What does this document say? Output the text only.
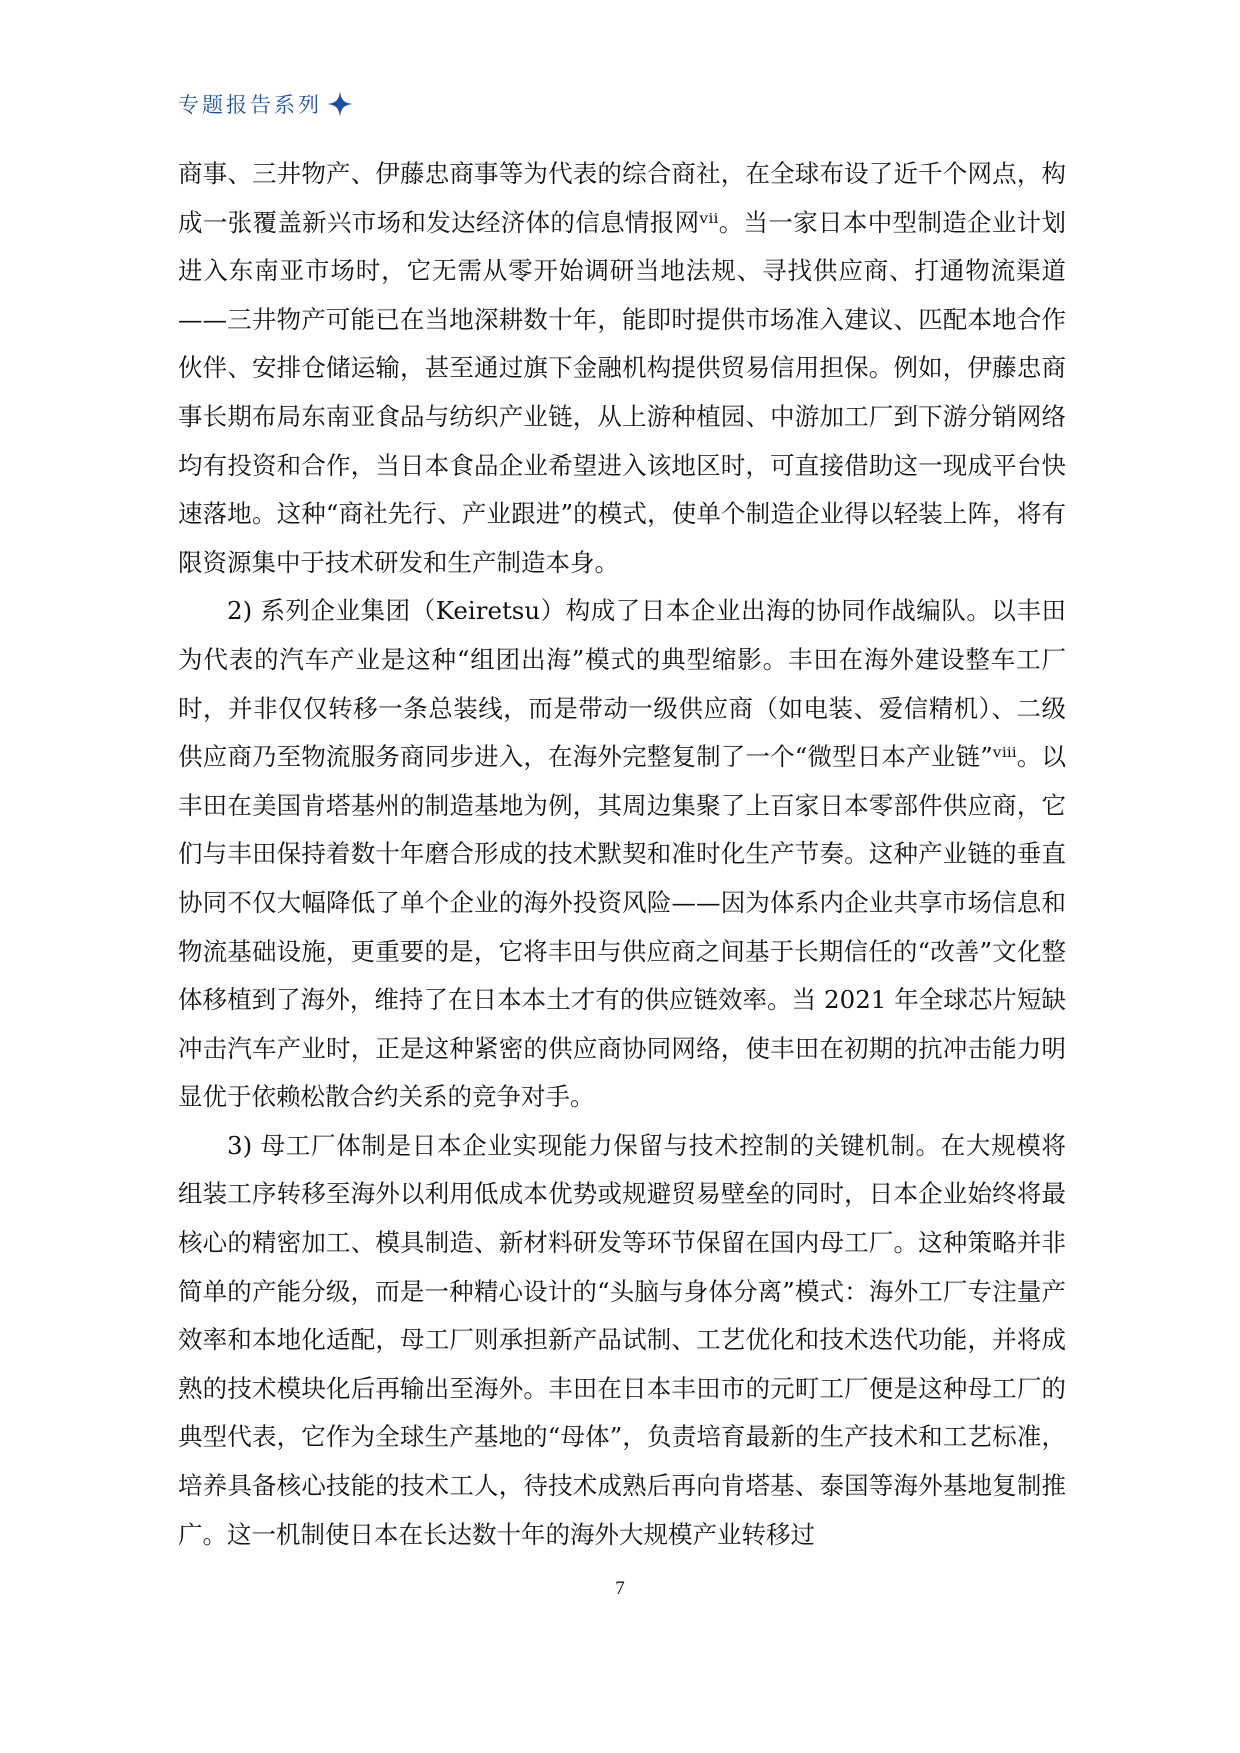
专题报告系列

商事、三井物产、伊藤忠商事等为代表的综合商社，在全球布设了近千个网点，构成一张覆盖新兴市场和发达经济体的信息情报网ᵛⁱⁱ。当一家日本中型制造企业计划进入东南亚市场时，它无需从零开始调研当地法规、寻找供应商、打通物流渠道——三井物产可能已在当地深耕数十年，能即时提供市场准入建议、匹配本地合作伙伴、安排仓储运输，甚至通过旗下金融机构提供贸易信用担保。例如，伊藤忠商事长期布局东南亚食品与纺织产业链，从上游种植园、中游加工厂到下游分销网络均有投资和合作，当日本食品企业希望进入该地区时，可直接借助这一现成平台快速落地。这种“商社先行、产业跟进”的模式，使单个制造企业得以轻装上阵，将有限资源集中于技术研发和生产制造本身。

2) 系列企业集团（Keiretsu）构成了日本企业出海的协同作战编队。以丰田为代表的汽车产业是这种“组团出海”模式的典型缩影。丰田在海外建设整车工厂时，并非仅仅转移一条总装线，而是带动一级供应商（如电装、爱信精机）、二级供应商乃至物流服务商同步进入，在海外完整复制了一个“微型日本产业链”ᵛⁱⁱⁱ。以丰田在美国肯塔基州的制造基地为例，其周边集聚了上百家日本零部件供应商，它们与丰田保持着数十年磨合形成的技术默契和准时化生产节奏。这种产业链的垂直协同不仅大幅降低了单个企业的海外投资风险——因为体系内企业共享市场信息和物流基础设施，更重要的是，它将丰田与供应商之间基于长期信任的“改善”文化整体移植到了海外，维持了在日本本土才有的供应链效率。当 2021 年全球芯片短缺冲击汽车产业时，正是这种紧密的供应商协同网络，使丰田在初期的抗冲击能力明显优于依赖松散合约关系的竞争对手。

3) 母工厂体制是日本企业实现能力保留与技术控制的关键机制。在大规模将组装工序转移至海外以利用低成本优势或规避贸易壁垒的同时，日本企业始终将最核心的精密加工、模具制造、新材料研发等环节保留在国内母工厂。这种策略并非简单的产能分级，而是一种精心设计的“头脑与身体分离”模式：海外工厂专注量产效率和本地化适配，母工厂则承担新产品试制、工艺优化和技术迭代功能，并将成熟的技术模块化后再输出至海外。丰田在日本丰田市的元町工厂便是这种母工厂的典型代表，它作为全球生产基地的“母体”，负责培育最新的生产技术和工艺标准，培养具备核心技能的技术工人，待技术成熟后再向肯塔基、泰国等海外基地复制推广。这一机制使日本在长达数十年的海外大规模产业转移过

7
